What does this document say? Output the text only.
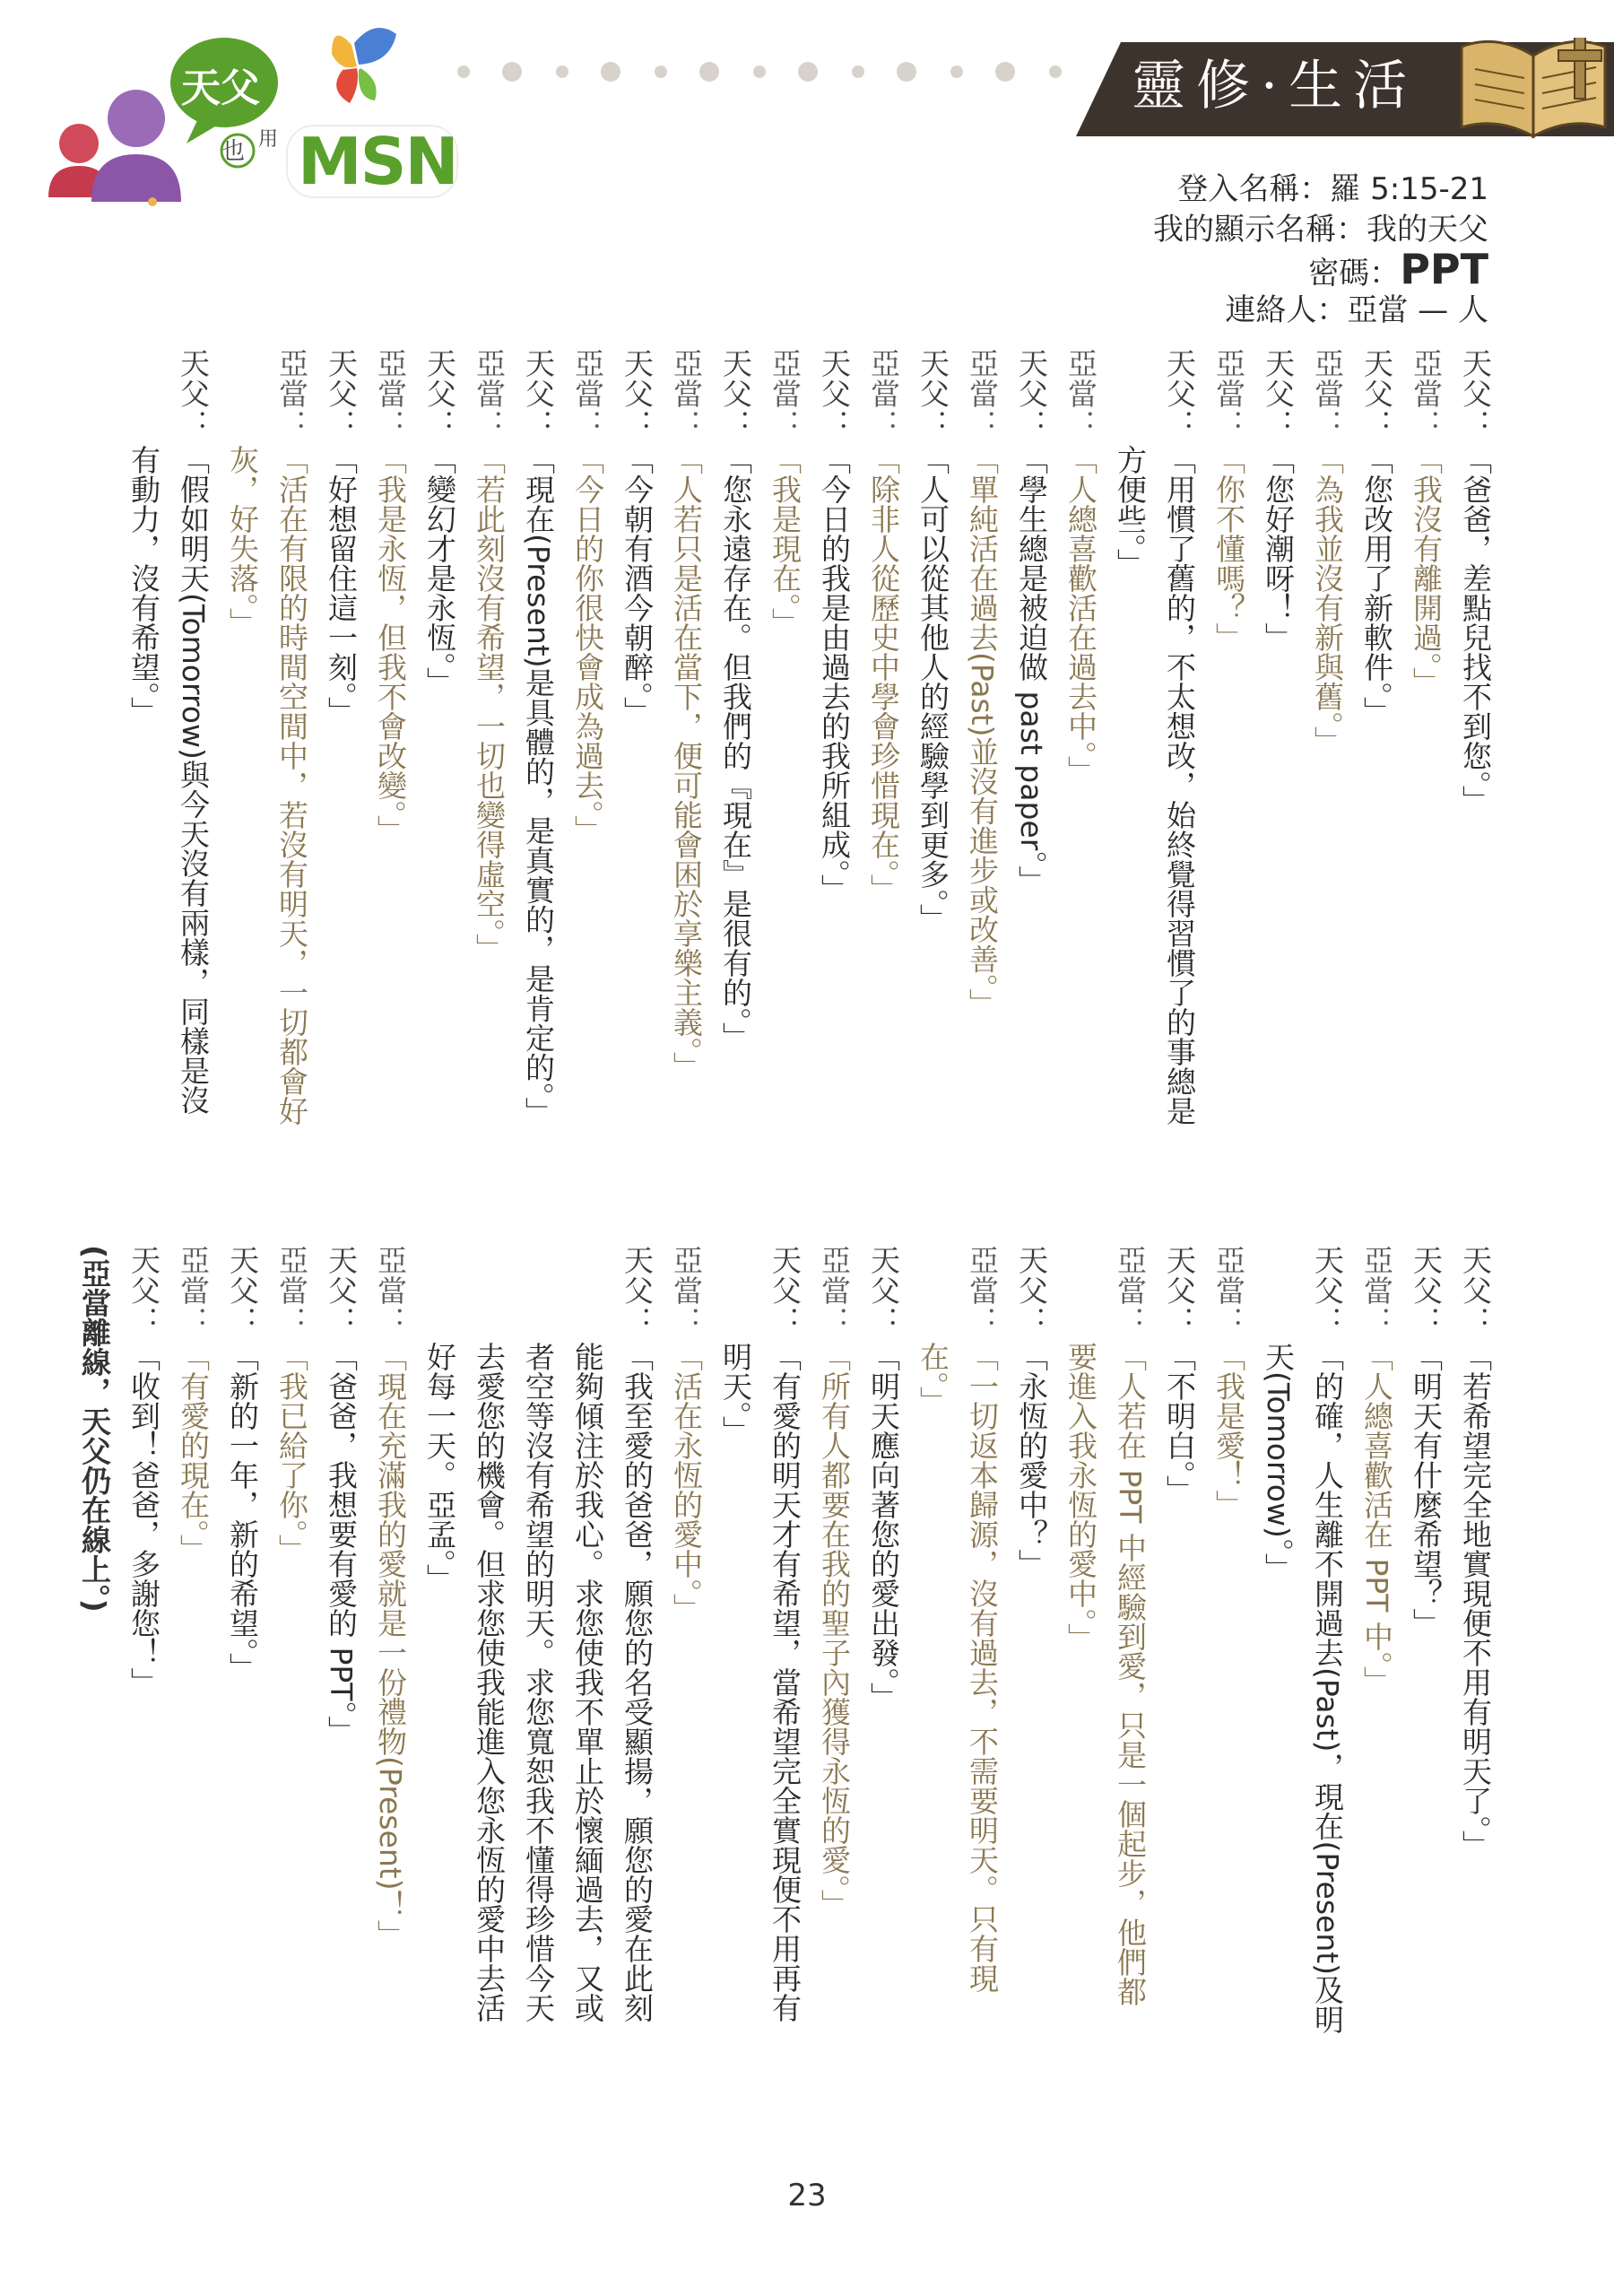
天父
也 用 MSN
靈修·生活
登入名稱：羅 5:15-21
我的顯示名稱：我的天父
密碼：PPT
連絡人：亞當 — 人
天父：
「爸爸，差點兒找不到您。」
亞當：
「我沒有離開過。」
天父：
「您改用了新軟件。」
亞當：
「為我並沒有新與舊。」
天父：
「您好潮呀！」
亞當：
「你不懂嗎？」
天父：
「用慣了舊的，不太想改，始終覺得習慣了的事總是
方便些。」
亞當：
「人總喜歡活在過去中。」
天父：
「學生總是被迫做 past paper。」
亞當：
「單純活在過去(Past)並沒有進步或改善。」
天父：
「人可以從其他人的經驗學到更多。」
亞當：
「除非人從歷史中學會珍惜現在。」
天父：
「今日的我是由過去的我所組成。」
亞當：
「我是現在。」
天父：
「您永遠存在。但我們的『現在』是很有的。」
亞當：
「人若只是活在當下，便可能會困於享樂主義。」
天父：
「今朝有酒今朝醉。」
亞當：
「今日的你很快會成為過去。」
天父：
「現在(Present)是具體的，是真實的，是肯定的。」
亞當：
「若此刻沒有希望，一切也變得虛空。」
天父：
「變幻才是永恆。」
亞當：
「我是永恆，但我不會改變。」
天父：
「好想留住這一刻。」
亞當：
「活在有限的時間空間中，若沒有明天，一切都會好
灰，好失落。」
天父：
「假如明天(Tomorrow)與今天沒有兩樣，同樣是沒
有動力，沒有希望。」
天父：
「若希望完全地實現便不用有明天了。」
天父：
「明天有什麼希望？」
亞當：
「人總喜歡活在 PPT 中。」
天父：
「的確，人生離不開過去(Past)，現在(Present)及明
天(Tomorrow)。」
亞當：
「我是愛！」
天父：
「不明白。」
亞當：
「人若在 PPT 中經驗到愛，只是一個起步，他們都
要進入我永恆的愛中。」
天父：
「永恆的愛中？」
亞當：
「一切返本歸源，沒有過去，不需要明天。只有現
在。」
天父：
「明天應向著您的愛出發。」
亞當：
「所有人都要在我的聖子內獲得永恆的愛。」
天父：
「有愛的明天才有希望，當希望完全實現便不用再有
明天。」
亞當：
「活在永恆的愛中。」
天父：
「我至愛的爸爸，願您的名受顯揚，願您的愛在此刻
能夠傾注於我心。求您使我不單止於懷緬過去，又或
者空等沒有希望的明天。求您寬恕我不懂得珍惜今天
去愛您的機會。但求您使我能進入您永恆的愛中去活
好每一天。亞孟。」
亞當：
「現在充滿我的愛就是一份禮物(Present)！」
天父：
「爸爸，我想要有愛的 PPT。」
亞當：
「我已給了你。」
天父：
「新的一年，新的希望。」
亞當：
「有愛的現在。」
天父：
「收到！爸爸，多謝您！」
(亞當離線，天父仍在線上。)
23
